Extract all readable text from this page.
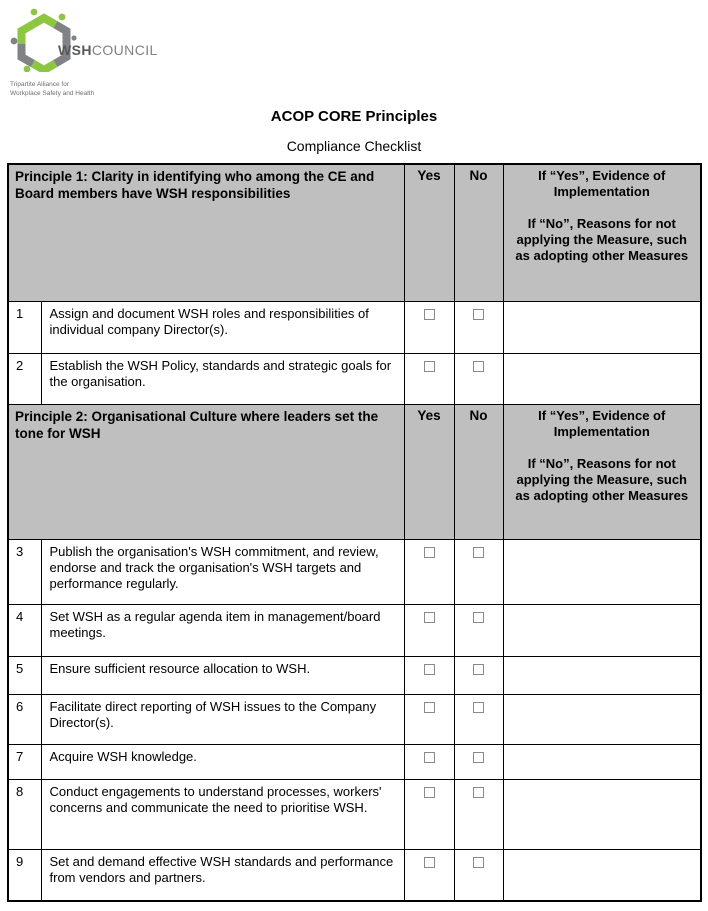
WSHCOUNCIL
Tripartite Alliance for
Workplace Safety and Health
ACOP CORE Principles
Compliance Checklist
Principle 1: Clarity in identifying who among the CE and Board members have WSH responsibilities		Yes	No	If “Yes”, Evidence of Implementation
If “No”, Reasons for not applying the Measure, such as adopting other Measures

1	Assign and document WSH roles and responsibilities of individual company Director(s).			
2	Establish the WSH Policy, standards and strategic goals for the organisation.			
Principle 2: Organisational Culture where leaders set the tone for WSH		Yes	No	If “Yes”, Evidence of Implementation
If “No”, Reasons for not applying the Measure, such as adopting other Measures

3	Publish the organisation's WSH commitment, and review, endorse and track the organisation's WSH targets and performance regularly.			
4	Set WSH as a regular agenda item in management/board meetings.			
5	Ensure sufficient resource allocation to WSH.			
6	Facilitate direct reporting of WSH issues to the Company Director(s).			
7	Acquire WSH knowledge.			
8	Conduct engagements to understand processes, workers' concerns and communicate the need to prioritise WSH.			
9	Set and demand effective WSH standards and performance from vendors and partners.			
